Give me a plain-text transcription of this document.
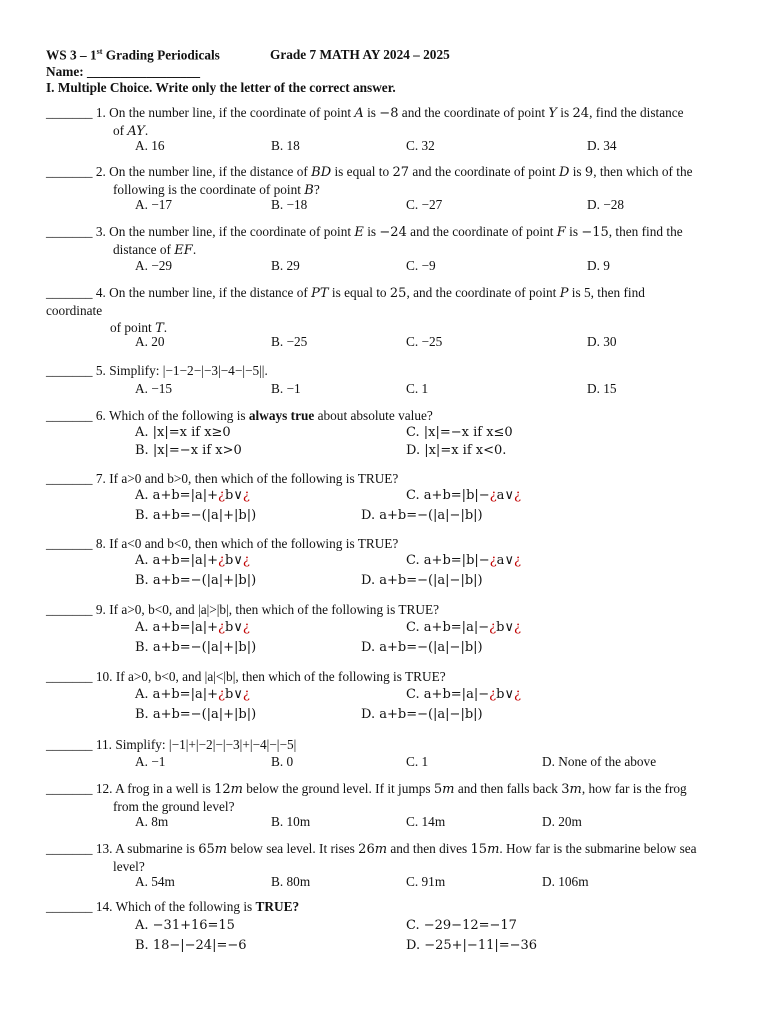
WS 3 – 1st Grading Periodicals	Grade 7 MATH AY 2024 – 2025
Name: _________________
I. Multiple Choice. Write only the letter of the correct answer.
_______ 1. On the number line, if the coordinate of point A is −8 and the coordinate of point Y is 24, find the distance
of AY.
A. 16	B. 18	C. 32	D. 34
_______ 2. On the number line, if the distance of BD is equal to 27 and the coordinate of point D is 9, then which of the
following is the coordinate of point B?
A. −17	B. −18	C. −27	D. −28
_______ 3. On the number line, if the coordinate of point E is −24 and the coordinate of point F is −15, then find the
distance of EF.
A. −29	B. 29	C. −9	D. 9
_______ 4. On the number line, if the distance of PT is equal to 25, and the coordinate of point P is 5, then find
coordinate
of point T.
A. 20	B. −25	C. −25	D. 30
_______ 5. Simplify: |−1−2−|−3|−4−|−5||.
A. −15	B. −1	C. 1	D. 15
_______ 6. Which of the following is always true about absolute value?
A. |x|=x if x≥0	C. |x|=−x if x≤0
B. |x|=−x if x>0	D. |x|=x if x<0.
_______ 7. If a>0 and b>0, then which of the following is TRUE?
A. a+b=|a|+¿b∨¿	C. a+b=|b|−¿a∨¿
B. a+b=−(|a|+|b|)	D. a+b=−(|a|−|b|)
_______ 8. If a<0 and b<0, then which of the following is TRUE?
A. a+b=|a|+¿b∨¿	C. a+b=|b|−¿a∨¿
B. a+b=−(|a|+|b|)	D. a+b=−(|a|−|b|)
_______ 9. If a>0, b<0, and |a|>|b|, then which of the following is TRUE?
A. a+b=|a|+¿b∨¿	C. a+b=|a|−¿b∨¿
B. a+b=−(|a|+|b|)	D. a+b=−(|a|−|b|)
_______ 10. If a>0, b<0, and |a|<|b|, then which of the following is TRUE?
A. a+b=|a|+¿b∨¿	C. a+b=|a|−¿b∨¿
B. a+b=−(|a|+|b|)	D. a+b=−(|a|−|b|)
_______ 11. Simplify: |−1|+|−2|−|−3|+|−4|−|−5|
A. −1	B. 0	C. 1	D. None of the above
_______ 12. A frog in a well is 12m below the ground level. If it jumps 5m and then falls back 3m, how far is the frog
from the ground level?
A. 8m	B. 10m	C. 14m	D. 20m
_______ 13. A submarine is 65m below sea level. It rises 26m and then dives 15m. How far is the submarine below sea
level?
A. 54m	B. 80m	C. 91m	D. 106m
_______ 14. Which of the following is TRUE?
A. −31+16=15	C. −29−12=−17
B. 18−|−24|=−6	D. −25+|−11|=−36
